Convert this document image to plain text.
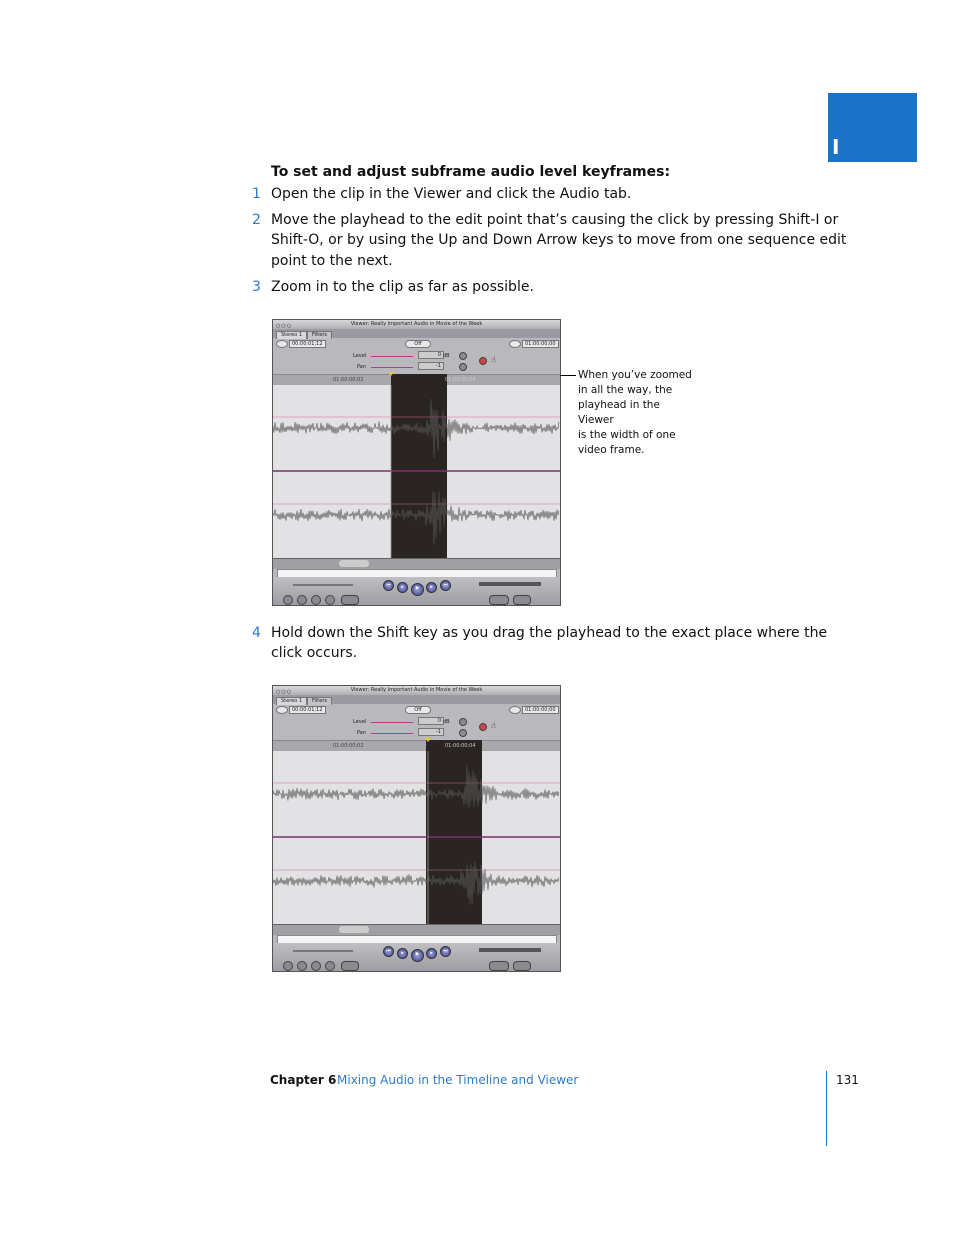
I
To set and adjust subframe audio level keyframes:
1 Open the clip in the Viewer and click the Audio tab.
2 Move the playhead to the edit point that’s causing the click by pressing Shift-I or
Shift-O, or by using the Up and Down Arrow keys to move from one sequence edit
point to the next.
3 Zoom in to the clip as far as possible.
○○○	Viewer: Really Important Audio in Movie of the Week
Stereo 1	Filters
00:00:01;12	Off	01:00:00;00
Level	0 dB
Pan	-1
☝
01:00:00;02	01:00:00;04
⏮	▸	▶	▸	⏭
When you’ve zoomed
in all the way, the
playhead in the Viewer
is the width of one
video frame.
4 Hold down the Shift key as you drag the playhead to the exact place where the
click occurs.
○○○	Viewer: Really Important Audio in Movie of the Week
Stereo 1	Filters
00:00:01;12	Off	01:00:00;00
Level	0 dB
Pan	-1
☝
01:00:00;02	01:00:00;04
⏮	▸	▶	▸	⏭
Chapter 6 Mixing Audio in the Timeline and Viewer	131
